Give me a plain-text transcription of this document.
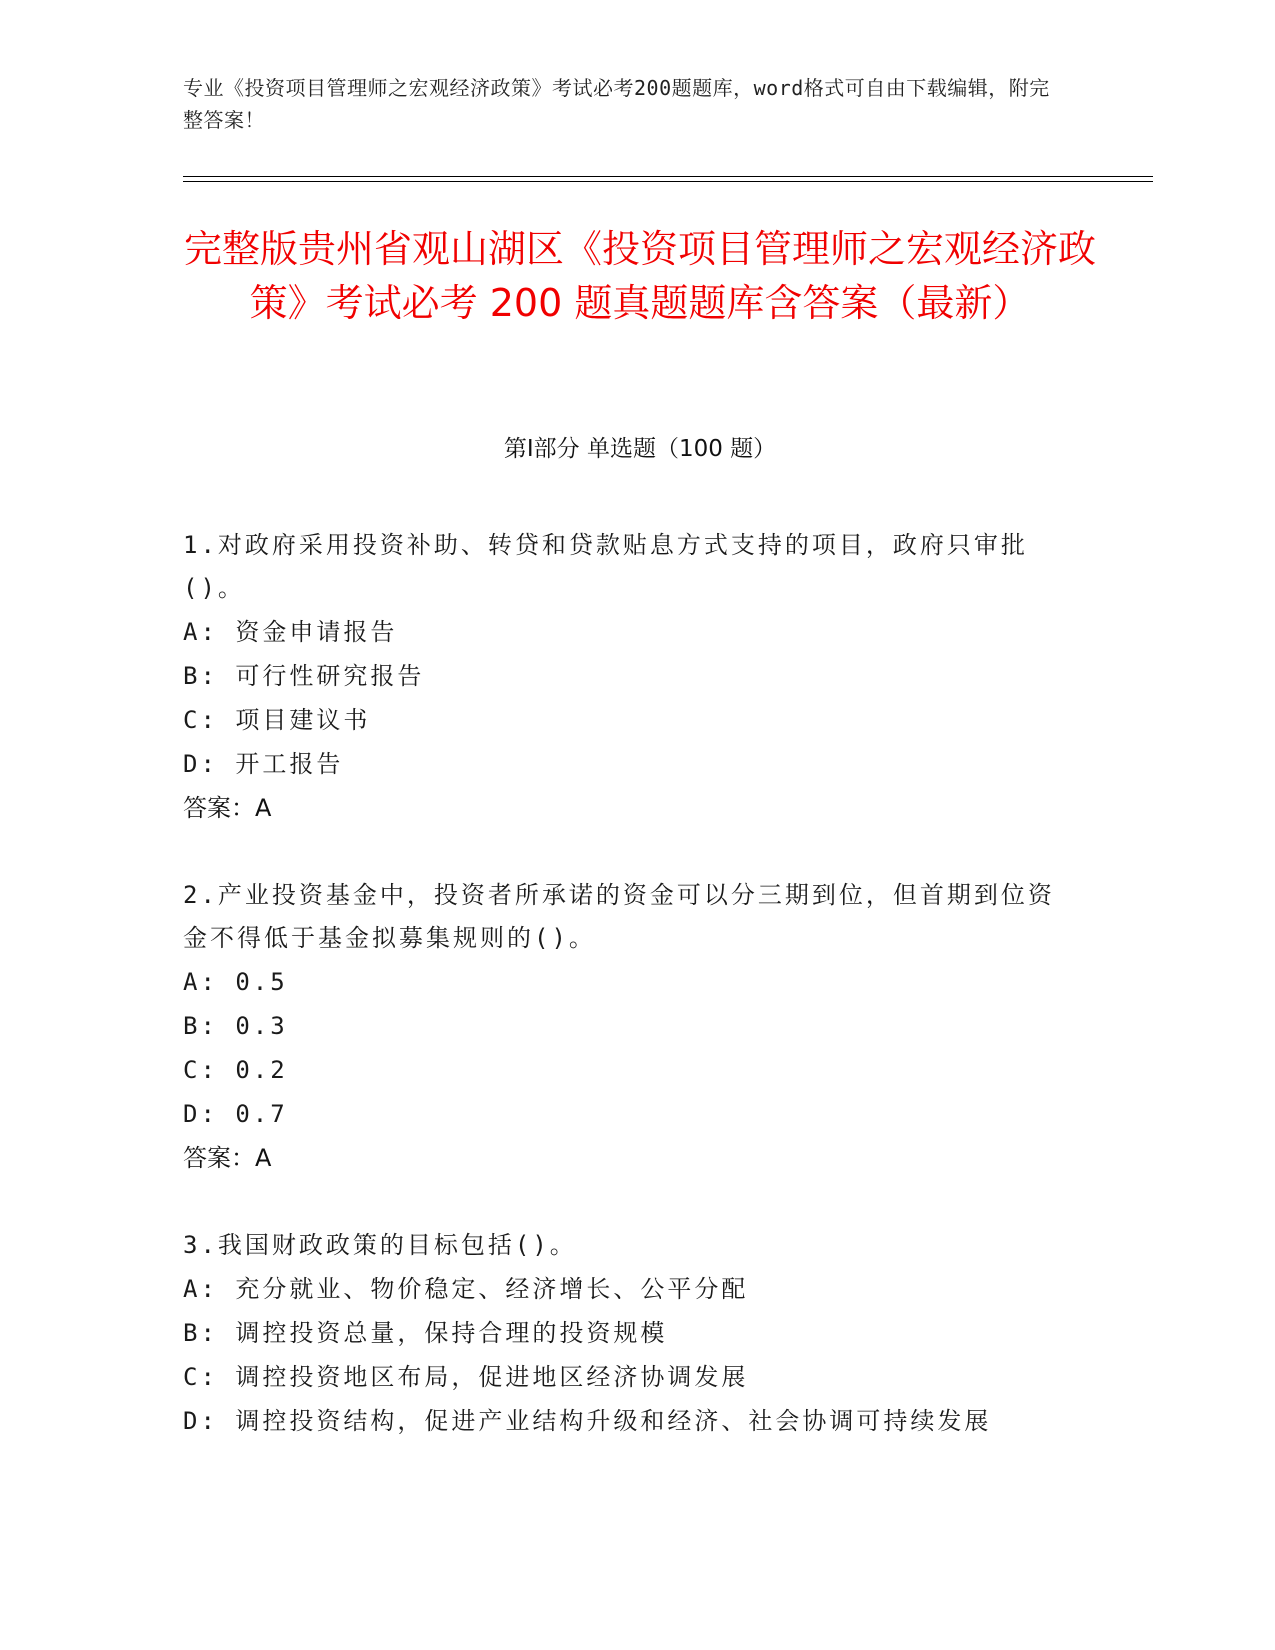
专业《投资项目管理师之宏观经济政策》考试必考200题题库，word格式可自由下载编辑，附完整答案！
完整版贵州省观山湖区《投资项目管理师之宏观经济政策》考试必考 200 题真题题库含答案（最新）
第Ⅰ部分 单选题（100 题）

1.对政府采用投资补助、转贷和贷款贴息方式支持的项目，政府只审批()。

A: 资金申请报告

B: 可行性研究报告

C: 项目建议书

D: 开工报告

答案：A

2.产业投资基金中，投资者所承诺的资金可以分三期到位，但首期到位资金不得低于基金拟募集规则的()。

A: 0.5

B: 0.3

C: 0.2

D: 0.7

答案：A

3.我国财政政策的目标包括()。

A: 充分就业、物价稳定、经济增长、公平分配

B: 调控投资总量，保持合理的投资规模

C: 调控投资地区布局，促进地区经济协调发展

D: 调控投资结构，促进产业结构升级和经济、社会协调可持续发展
